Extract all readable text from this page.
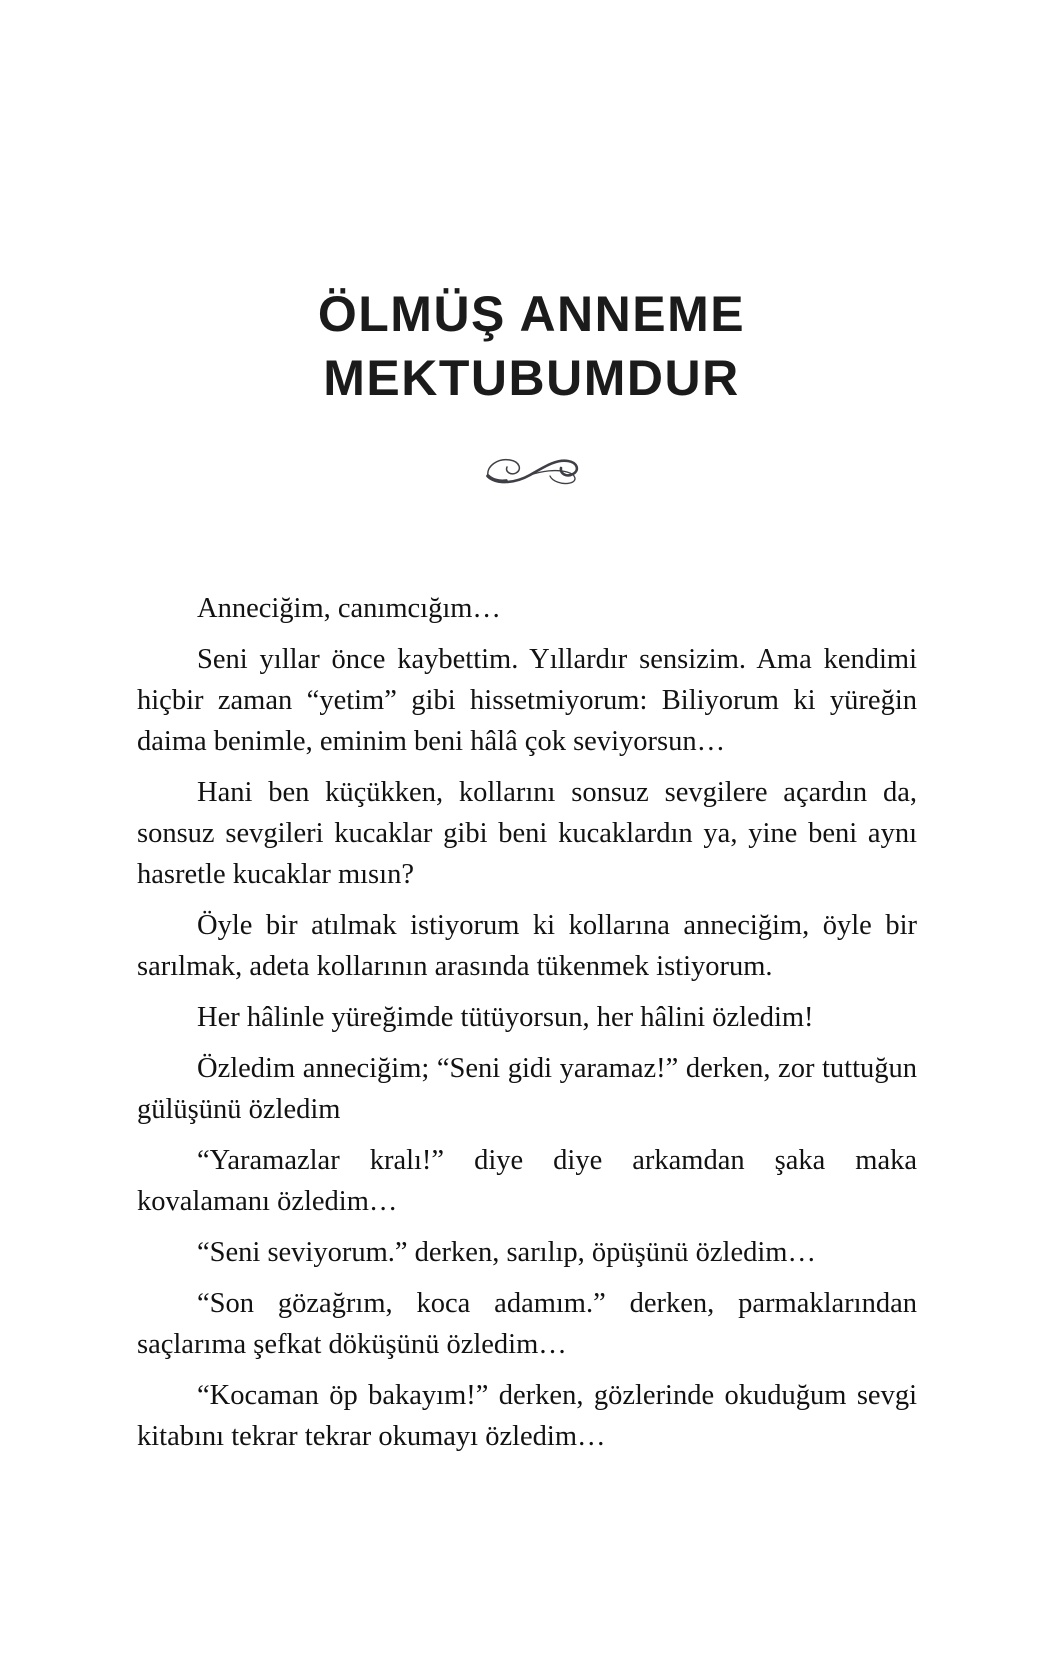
ÖLMÜŞ ANNEME
MEKTUBUMDUR

Anneciğim, canımcığım…

Seni yıllar önce kaybettim. Yıllardır sensizim. Ama kendimi hiçbir zaman “yetim” gibi hissetmiyorum: Biliyorum ki yüreğin daima benimle, eminim beni hâlâ çok seviyorsun…

Hani ben küçükken, kollarını sonsuz sevgilere açardın da, sonsuz sevgileri kucaklar gibi beni kucaklardın ya, yine beni aynı hasretle kucaklar mısın?

Öyle bir atılmak istiyorum ki kollarına anneciğim, öyle bir sarılmak, adeta kollarının arasında tükenmek istiyorum.

Her hâlinle yüreğimde tütüyorsun, her hâlini özledim!

Özledim anneciğim; “Seni gidi yaramaz!” derken, zor tuttuğun gülüşünü özledim

“Yaramazlar kralı!” diye diye arkamdan şaka maka kovalamanı özledim…

“Seni seviyorum.” derken, sarılıp, öpüşünü özledim…

“Son gözağrım, koca adamım.” derken, parmaklarından saçlarıma şefkat döküşünü özledim…

“Kocaman öp bakayım!” derken, gözlerinde okuduğum sevgi kitabını tekrar tekrar okumayı özledim…
